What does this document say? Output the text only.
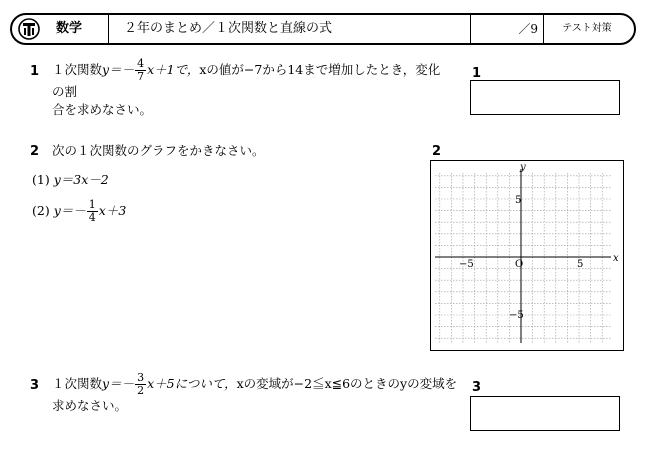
数学	２年のまとめ／１次関数と直線の式	／9	テスト対策
1 １次関数$y=- \frac{4}{7} x+1$で，xの値が−7から14まで増加したとき，変化の割
合を求めなさい。
1
2 次の１次関数のグラフをかきなさい。
(1) y＝3x－2
(2) $y=- \frac{1}{4} x+3$
2
x
y
O
−5	5
5
−5
3 １次関数$y=- \frac{3}{2} x+5$について，xの変域が−2≦x≦6のときのyの変域を
求めなさい。
3
